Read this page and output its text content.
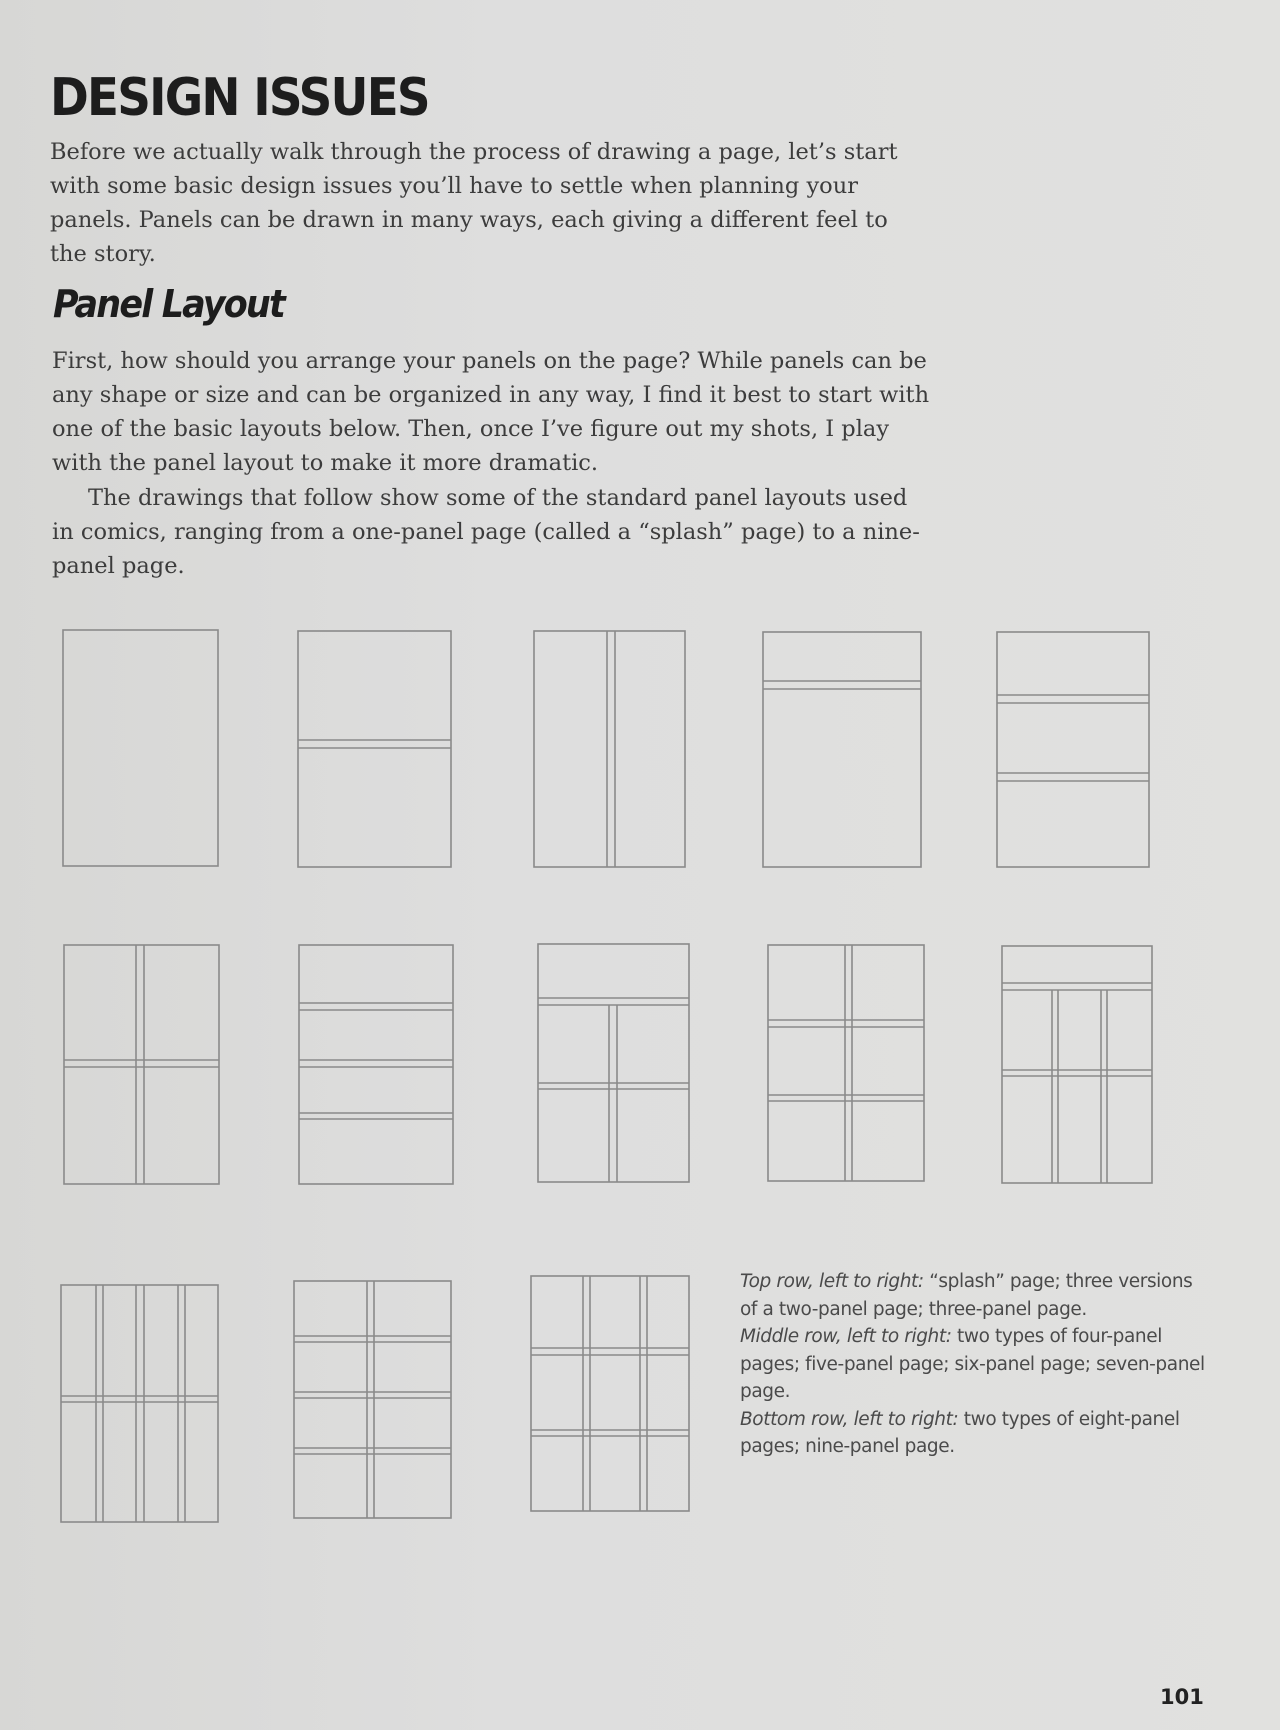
DESIGN ISSUES

Before we actually walk through the process of drawing a page, let’s start with some basic design issues you’ll have to settle when planning your panels. Panels can be drawn in many ways, each giving a different feel to the story.

Panel Layout

First, how should you arrange your panels on the page? While panels can be any shape or size and can be organized in any way, I find it best to start with one of the basic layouts below. Then, once I’ve figure out my shots, I play with the panel layout to make it more dramatic.

The drawings that follow show some of the standard panel layouts used in comics, ranging from a one-panel page (called a “splash” page) to a nine-panel page.

Top row, left to right: “splash” page; three versions of a two-panel page; three-panel page.
Middle row, left to right: two types of four-panel pages; five-panel page; six-panel page; seven-panel page.
Bottom row, left to right: two types of eight-panel pages; nine-panel page.
101
